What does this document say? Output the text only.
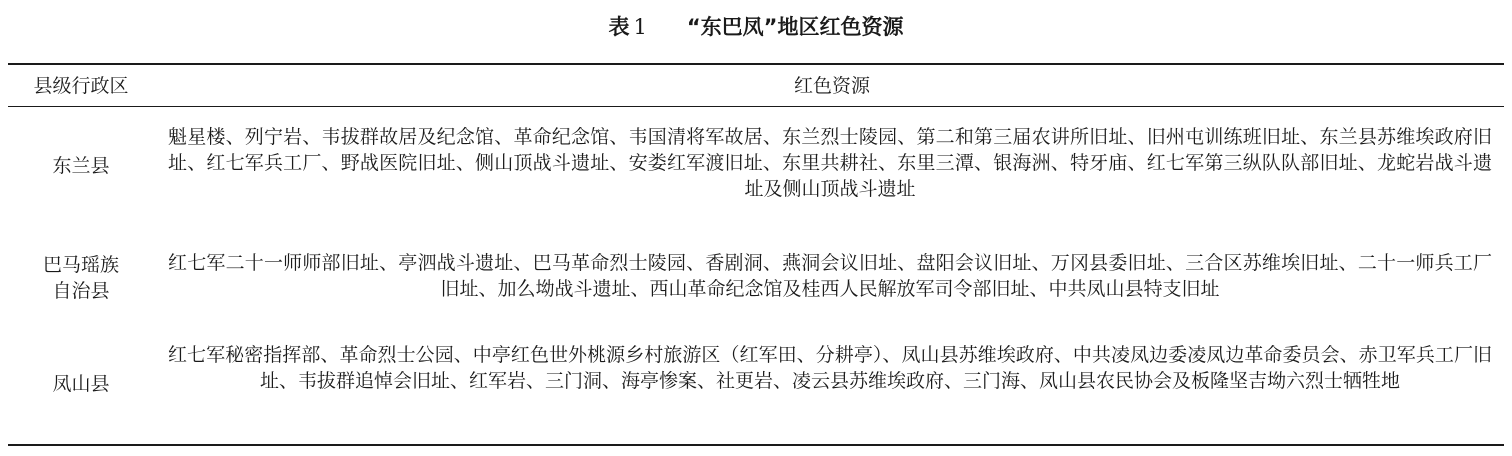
表 1 “东巴凤”地区红色资源
县级行政区	红色资源
东兰县
魁星楼、列宁岩、韦拔群故居及纪念馆、革命纪念馆、韦国清将军故居、东兰烈士陵园、第二和第三届农讲所旧址、旧州屯训练班旧址、东兰县苏维埃政府旧址、红七军兵工厂、野战医院旧址、侧山顶战斗遗址、安娄红军渡旧址、东里共耕社、东里三潭、银海洲、特牙庙、红七军第三纵队队部旧址、龙蛇岩战斗遗址及侧山顶战斗遗址
巴马瑶族自治县
红七军二十一师师部旧址、亭泗战斗遗址、巴马革命烈士陵园、香剧洞、燕洞会议旧址、盘阳会议旧址、万冈县委旧址、三合区苏维埃旧址、二十一师兵工厂旧址、加么坳战斗遗址、西山革命纪念馆及桂西人民解放军司令部旧址、中共凤山县特支旧址
凤山县
红七军秘密指挥部、革命烈士公园、中亭红色世外桃源乡村旅游区（红军田、分耕亭）、凤山县苏维埃政府、中共凌凤边委凌凤边革命委员会、赤卫军兵工厂旧址、韦拔群追悼会旧址、红军岩、三门洞、海亭惨案、社更岩、凌云县苏维埃政府、三门海、凤山县农民协会及板隆坚吉坳六烈士牺牲地
